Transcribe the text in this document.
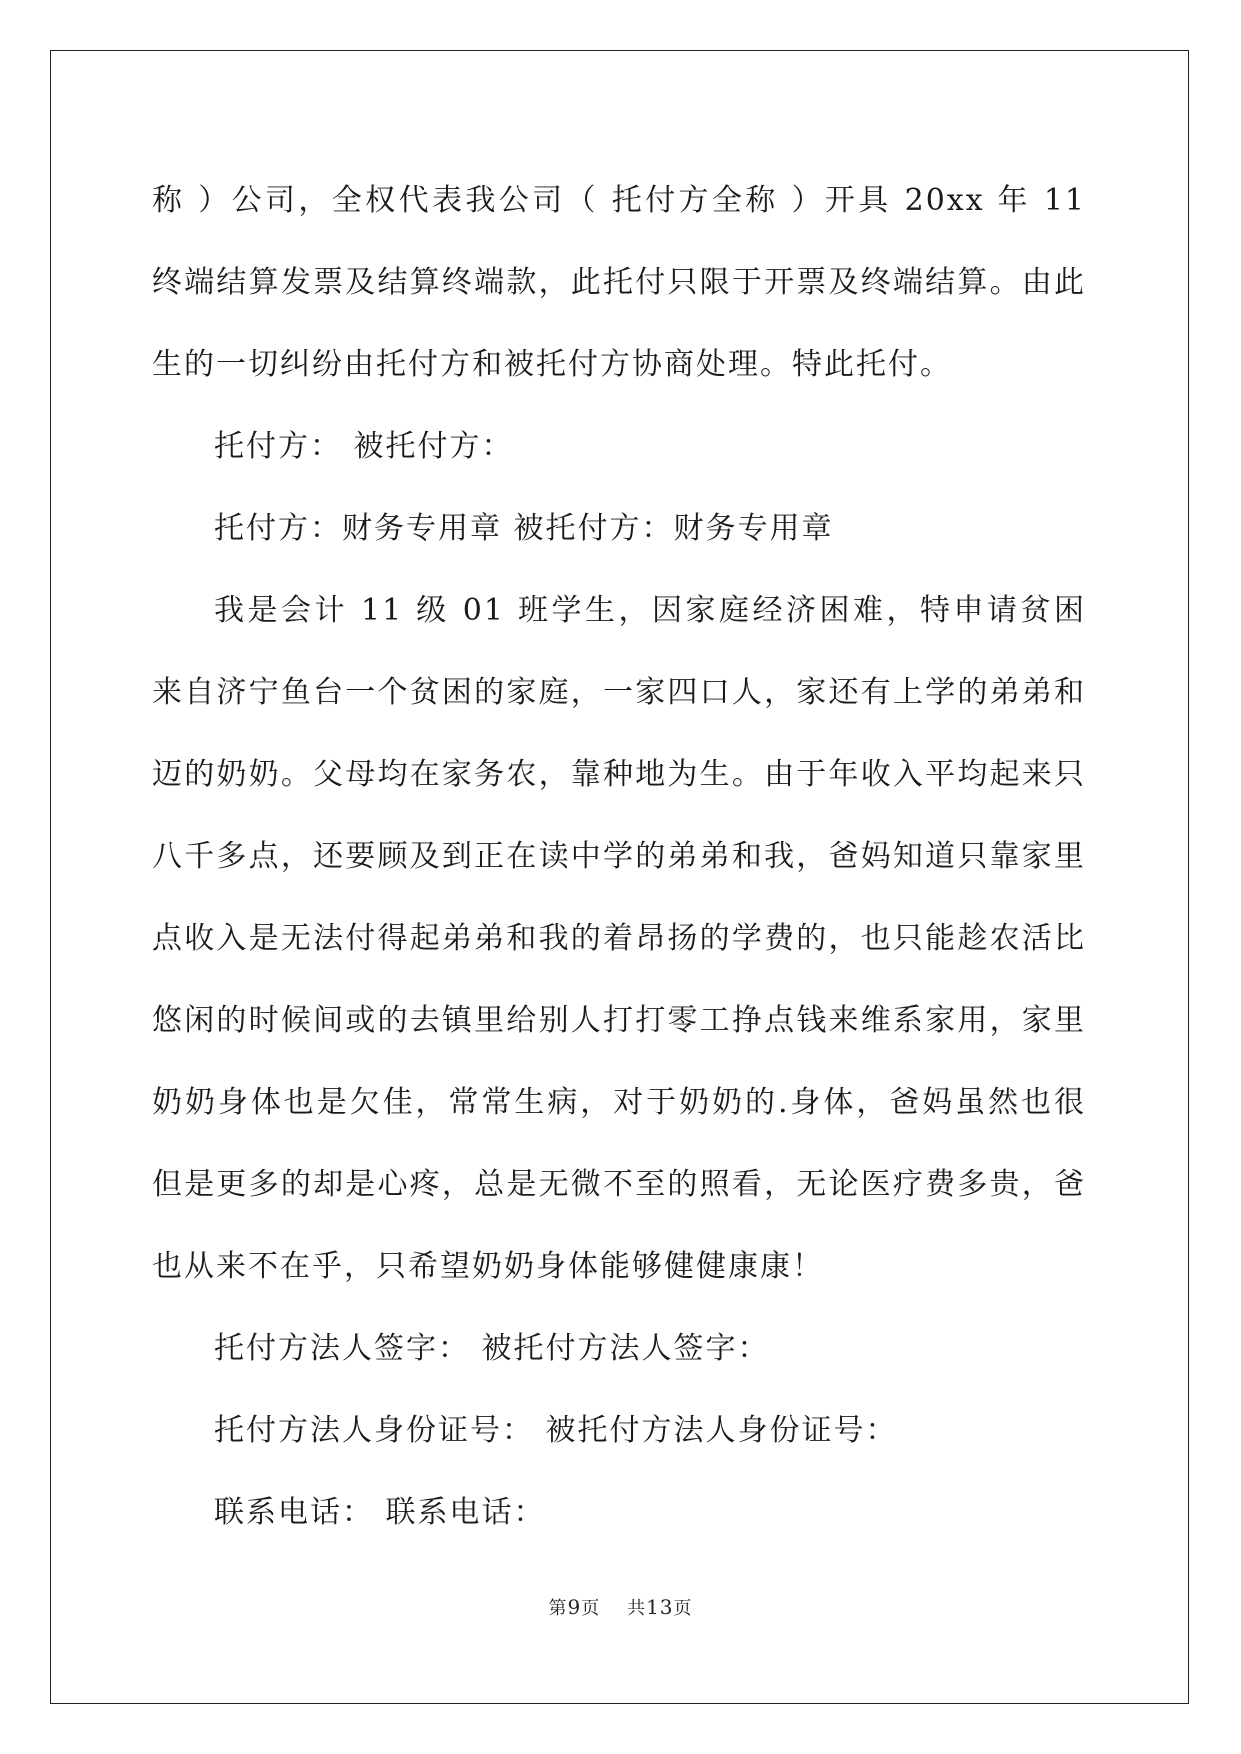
称 ）公司，全权代表我公司（ 托付方全称 ）开具 20xx 年 11
终端结算发票及结算终端款，此托付只限于开票及终端结算。由此
生的一切纠纷由托付方和被托付方协商处理。特此托付。
托付方： 被托付方：
托付方：财务专用章 被托付方：财务专用章
我是会计 11 级 01 班学生，因家庭经济困难，特申请贫困
来自济宁鱼台一个贫困的家庭，一家四口人，家还有上学的弟弟和
迈的奶奶。父母均在家务农，靠种地为生。由于年收入平均起来只
八千多点，还要顾及到正在读中学的弟弟和我，爸妈知道只靠家里
点收入是无法付得起弟弟和我的着昂扬的学费的，也只能趁农活比
悠闲的时候间或的去镇里给别人打打零工挣点钱来维系家用，家里
奶奶身体也是欠佳，常常生病，对于奶奶的.身体，爸妈虽然也很
但是更多的却是心疼，总是无微不至的照看，无论医疗费多贵，爸
也从来不在乎，只希望奶奶身体能够健健康康！
托付方法人签字： 被托付方法人签字：
托付方法人身份证号： 被托付方法人身份证号：
联系电话： 联系电话：
第9页 共13页
